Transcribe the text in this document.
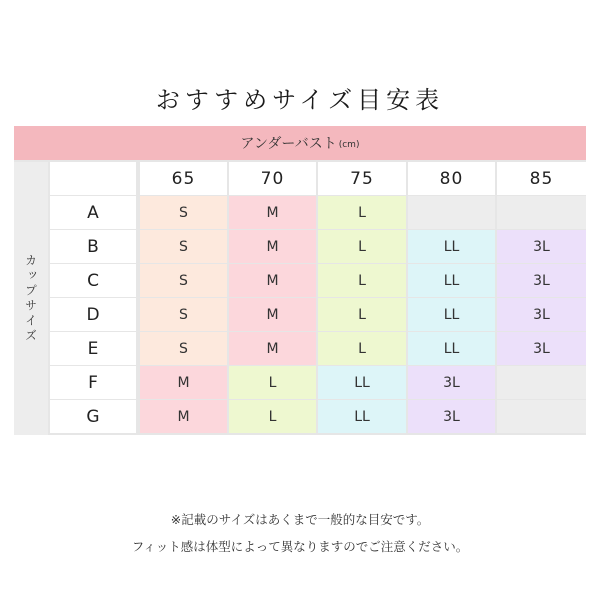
おすすめサイズ目安表
アンダーバスト (cm)
カップサイズ
65	70	75	80	85
A	S	M	L
B	S	M	L	LL	3L
C	S	M	L	LL	3L
D	S	M	L	LL	3L
E	S	M	L	LL	3L
F	M	L	LL	3L
G	M	L	LL	3L
※記載のサイズはあくまで一般的な目安です。
フィット感は体型によって異なりますのでご注意ください。
